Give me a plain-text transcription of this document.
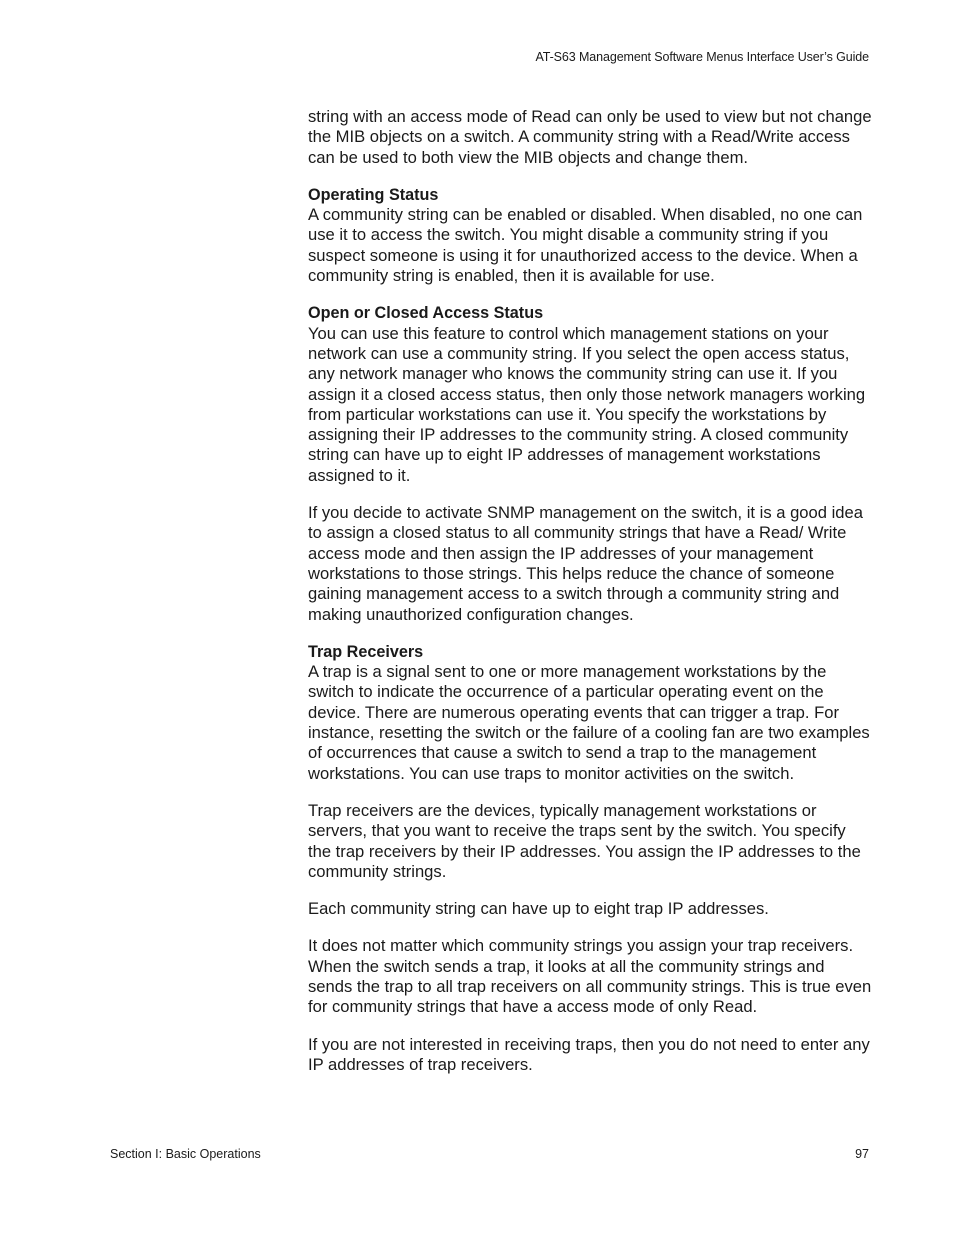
AT-S63 Management Software Menus Interface User’s Guide

string with an access mode of Read can only be used to view but not change the MIB objects on a switch. A community string with a Read/Write access can be used to both view the MIB objects and change them.

Operating Status

A community string can be enabled or disabled. When disabled, no one can use it to access the switch. You might disable a community string if you suspect someone is using it for unauthorized access to the device. When a community string is enabled, then it is available for use.

Open or Closed Access Status

You can use this feature to control which management stations on your network can use a community string. If you select the open access status, any network manager who knows the community string can use it. If you assign it a closed access status, then only those network managers working from particular workstations can use it. You specify the workstations by assigning their IP addresses to the community string. A closed community string can have up to eight IP addresses of management workstations assigned to it.

If you decide to activate SNMP management on the switch, it is a good idea to assign a closed status to all community strings that have a Read/ Write access mode and then assign the IP addresses of your management workstations to those strings. This helps reduce the chance of someone gaining management access to a switch through a community string and making unauthorized configuration changes.

Trap Receivers

A trap is a signal sent to one or more management workstations by the switch to indicate the occurrence of a particular operating event on the device. There are numerous operating events that can trigger a trap. For instance, resetting the switch or the failure of a cooling fan are two examples of occurrences that cause a switch to send a trap to the management workstations. You can use traps to monitor activities on the switch.

Trap receivers are the devices, typically management workstations or servers, that you want to receive the traps sent by the switch. You specify the trap receivers by their IP addresses. You assign the IP addresses to the community strings.

Each community string can have up to eight trap IP addresses.

It does not matter which community strings you assign your trap receivers. When the switch sends a trap, it looks at all the community strings and sends the trap to all trap receivers on all community strings. This is true even for community strings that have a access mode of only Read.

If you are not interested in receiving traps, then you do not need to enter any IP addresses of trap receivers.

Section I: Basic Operations	97
